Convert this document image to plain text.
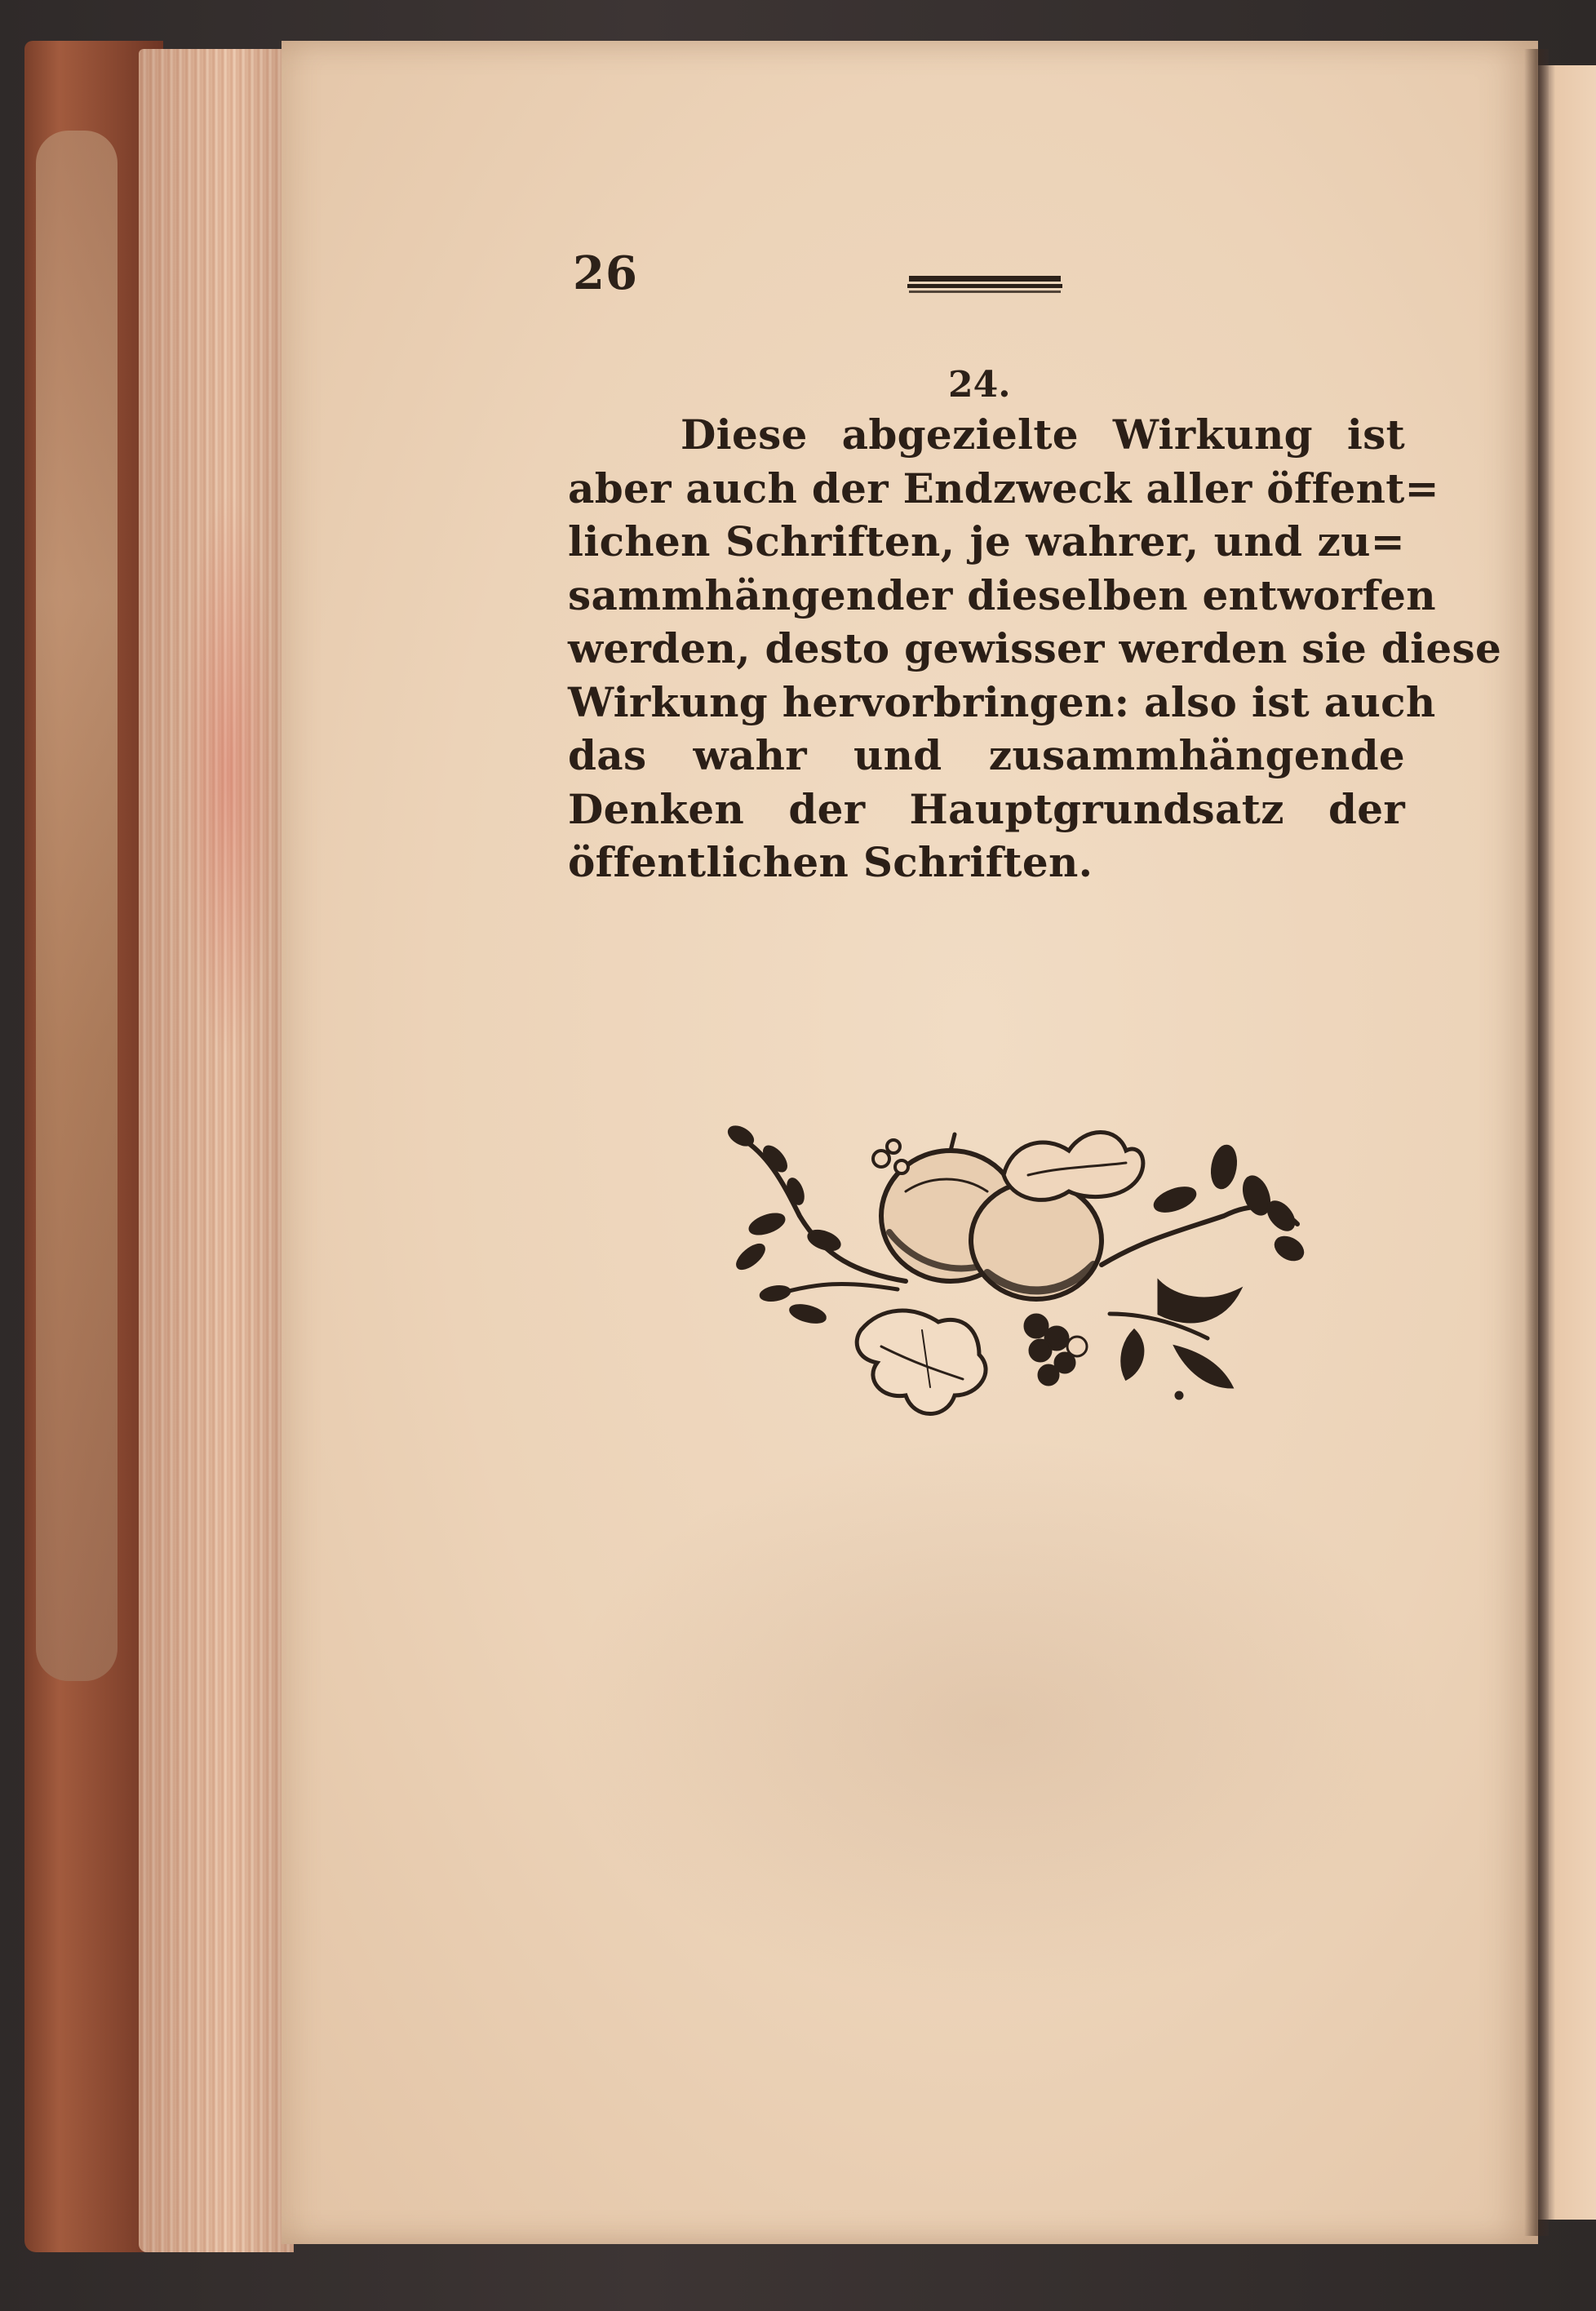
26
24.
Diese abgezielte Wirkung ist
aber auch der Endzweck aller öffent=
lichen Schriften, je wahrer, und zu=
sammhängender dieselben entworfen
werden, desto gewisser werden sie diese
Wirkung hervorbringen: also ist auch
das wahr und zusammhängende
Denken der Hauptgrundsatz der
öffentlichen Schriften.
